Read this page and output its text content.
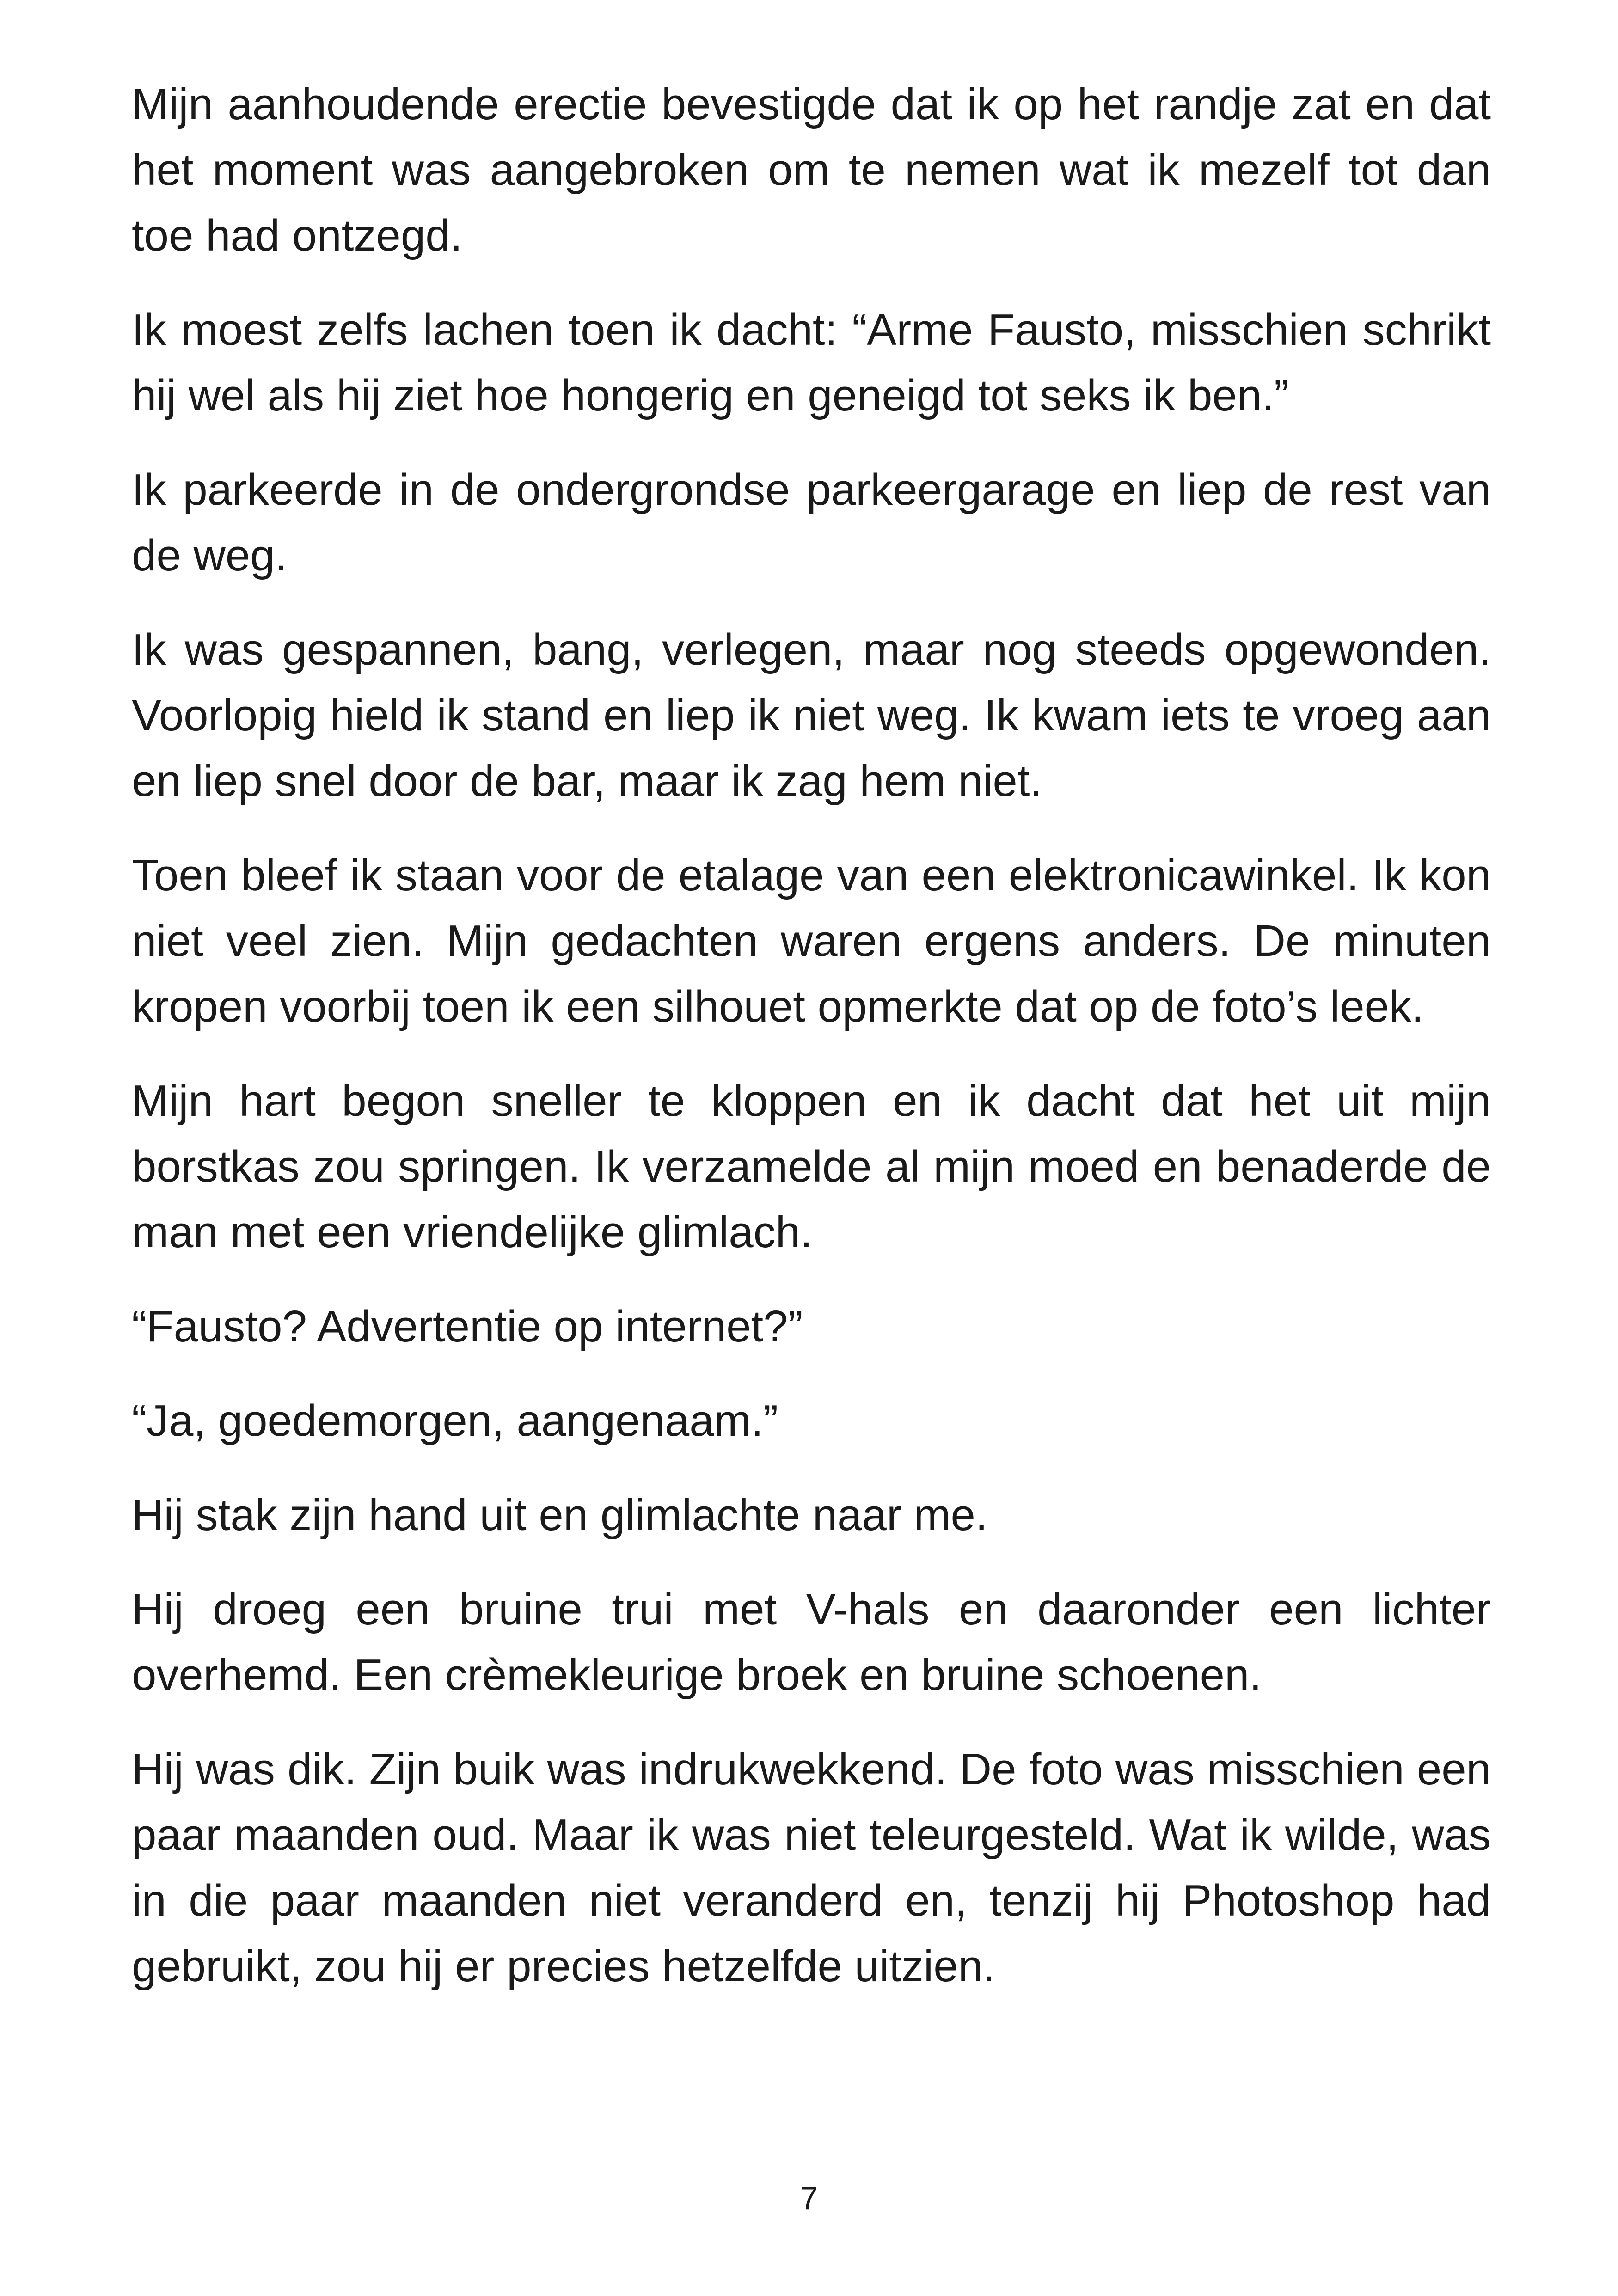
Mijn aanhoudende erectie bevestigde dat ik op het randje zat en dat het moment was aangebroken om te nemen wat ik mezelf tot dan toe had ontzegd.

Ik moest zelfs lachen toen ik dacht: “Arme Fausto, misschien schrikt hij wel als hij ziet hoe hongerig en geneigd tot seks ik ben.”

Ik parkeerde in de ondergrondse parkeergarage en liep de rest van de weg.

Ik was gespannen, bang, verlegen, maar nog steeds opgewonden. Voorlopig hield ik stand en liep ik niet weg. Ik kwam iets te vroeg aan en liep snel door de bar, maar ik zag hem niet.

Toen bleef ik staan voor de etalage van een elektronicawinkel. Ik kon niet veel zien. Mijn gedachten waren ergens anders. De minuten kropen voorbij toen ik een silhouet opmerkte dat op de foto’s leek.

Mijn hart begon sneller te kloppen en ik dacht dat het uit mijn borstkas zou springen. Ik verzamelde al mijn moed en benaderde de man met een vriendelijke glimlach.

“Fausto? Advertentie op internet?”

“Ja, goedemorgen, aangenaam.”

Hij stak zijn hand uit en glimlachte naar me.

Hij droeg een bruine trui met V-hals en daaronder een lichter overhemd. Een crèmekleurige broek en bruine schoenen.

Hij was dik. Zijn buik was indrukwekkend. De foto was misschien een paar maanden oud. Maar ik was niet teleurgesteld. Wat ik wilde, was in die paar maanden niet veranderd en, tenzij hij Photoshop had gebruikt, zou hij er precies hetzelfde uitzien.

7
